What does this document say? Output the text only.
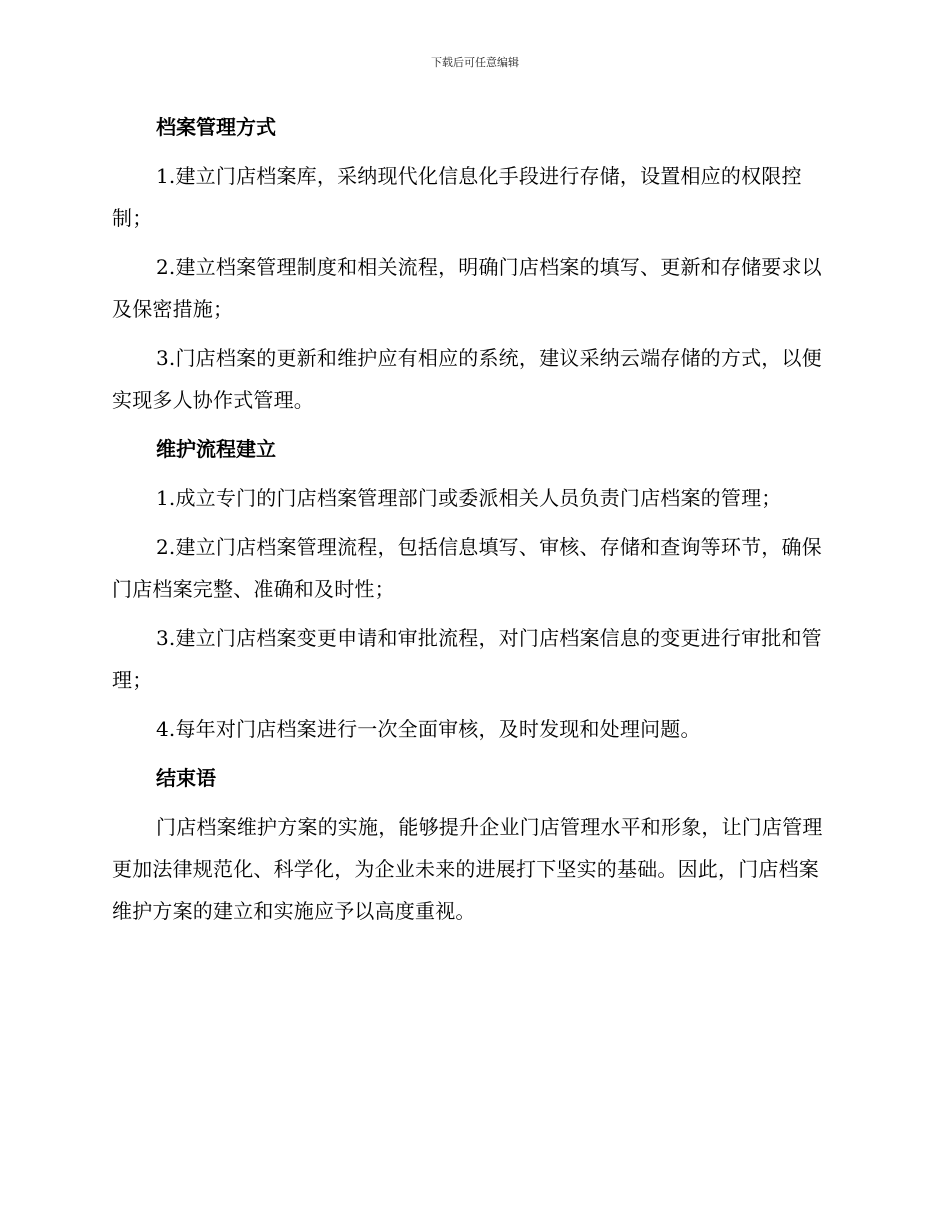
下载后可任意编辑
档案管理方式

1.建立门店档案库，采纳现代化信息化手段进行存储，设置相应的权限控制；

2.建立档案管理制度和相关流程，明确门店档案的填写、更新和存储要求以及保密措施；

3.门店档案的更新和维护应有相应的系统，建议采纳云端存储的方式，以便实现多人协作式管理。

维护流程建立

1.成立专门的门店档案管理部门或委派相关人员负责门店档案的管理；

2.建立门店档案管理流程，包括信息填写、审核、存储和查询等环节，确保门店档案完整、准确和及时性；

3.建立门店档案变更申请和审批流程，对门店档案信息的变更进行审批和管理；

4.每年对门店档案进行一次全面审核，及时发现和处理问题。

结束语

门店档案维护方案的实施，能够提升企业门店管理水平和形象，让门店管理更加法律规范化、科学化，为企业未来的进展打下坚实的基础。因此，门店档案维护方案的建立和实施应予以高度重视。
